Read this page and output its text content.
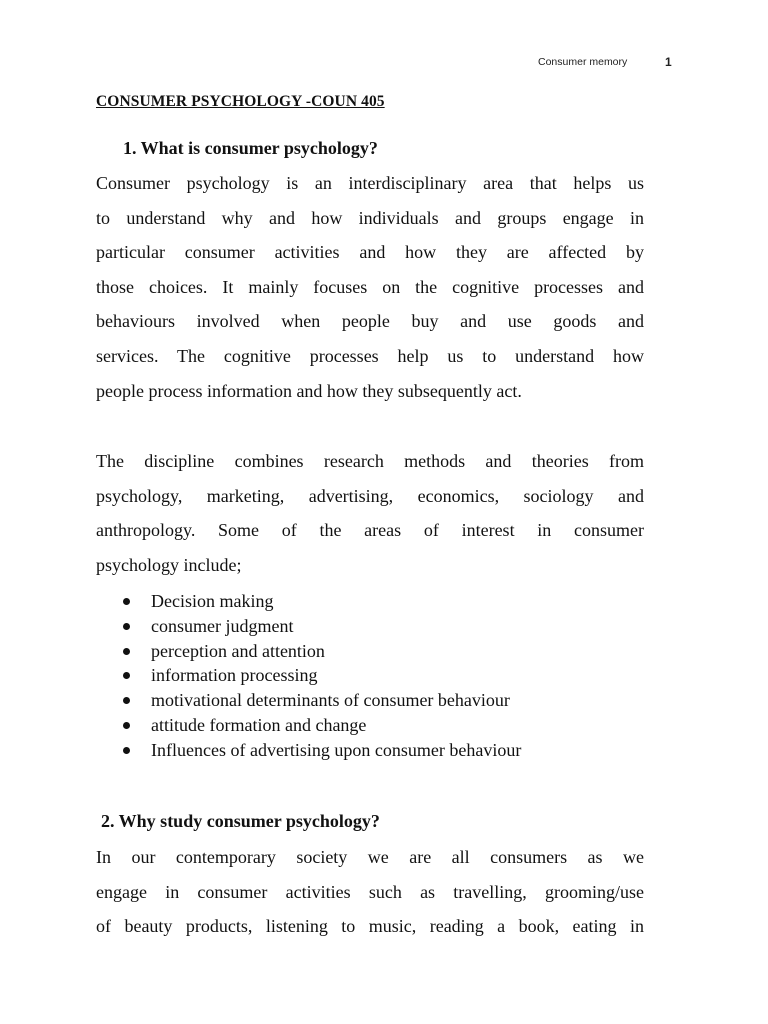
Consumer memory	1
CONSUMER PSYCHOLOGY -COUN 405
1. What is consumer psychology?

Consumer psychology is an interdisciplinary area that helps us
to understand why and how individuals and groups engage in
particular consumer activities and how they are affected by
those choices. It mainly focuses on the cognitive processes and
behaviours involved when people buy and use goods and
services. The cognitive processes help us to understand how
people process information and how they subsequently act.

The discipline combines research methods and theories from
psychology, marketing, advertising, economics, sociology and
anthropology. Some of the areas of interest in consumer
psychology include;

Decision making
consumer judgment
perception and attention
information processing
motivational determinants of consumer behaviour
attitude formation and change
Influences of advertising upon consumer behaviour
2. Why study consumer psychology?

In our contemporary society we are all consumers as we
engage in consumer activities such as travelling, grooming/use
of beauty products, listening to music, reading a book, eating in
